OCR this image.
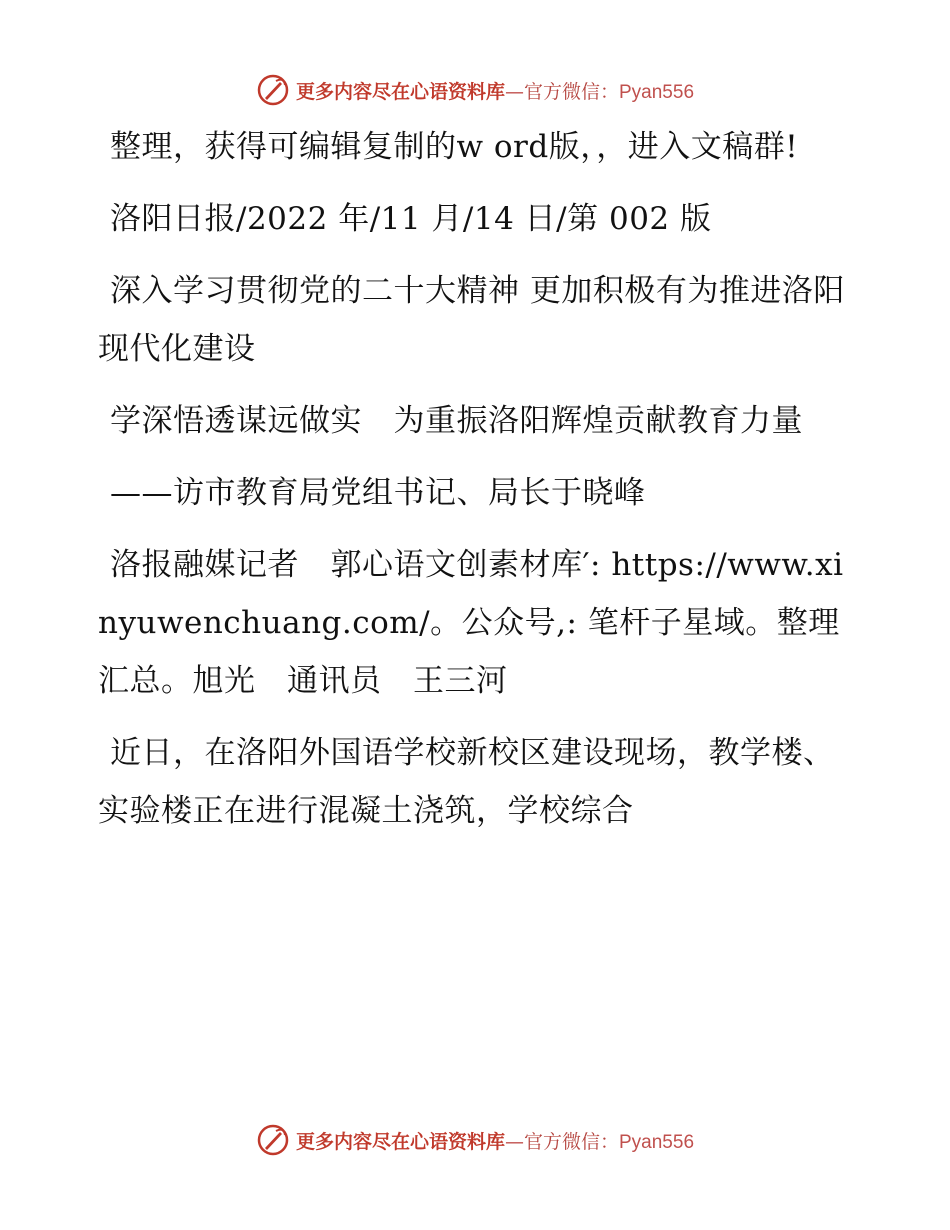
更多内容尽在心语资料库—官方微信：Pyan556

整理，获得可编辑复制的w ord版，，进入文稿群!

洛阳日报/2022 年/11 月/14 日/第 002 版

深入学习贯彻党的二十大精神 更加积极有为推进洛阳现代化建设

学深悟透谋远做实　为重振洛阳辉煌贡献教育力量

——访市教育局党组书记、局长于晓峰

洛报融媒记者　郭心语文创素材库′: https://www.xinyuwenchuang.com/。公众号,: 笔杆子星域。整理汇总。旭光　通讯员　王三河

近日，在洛阳外国语学校新校区建设现场，教学楼、实验楼正在进行混凝土浇筑，学校综合

更多内容尽在心语资料库—官方微信：Pyan556
